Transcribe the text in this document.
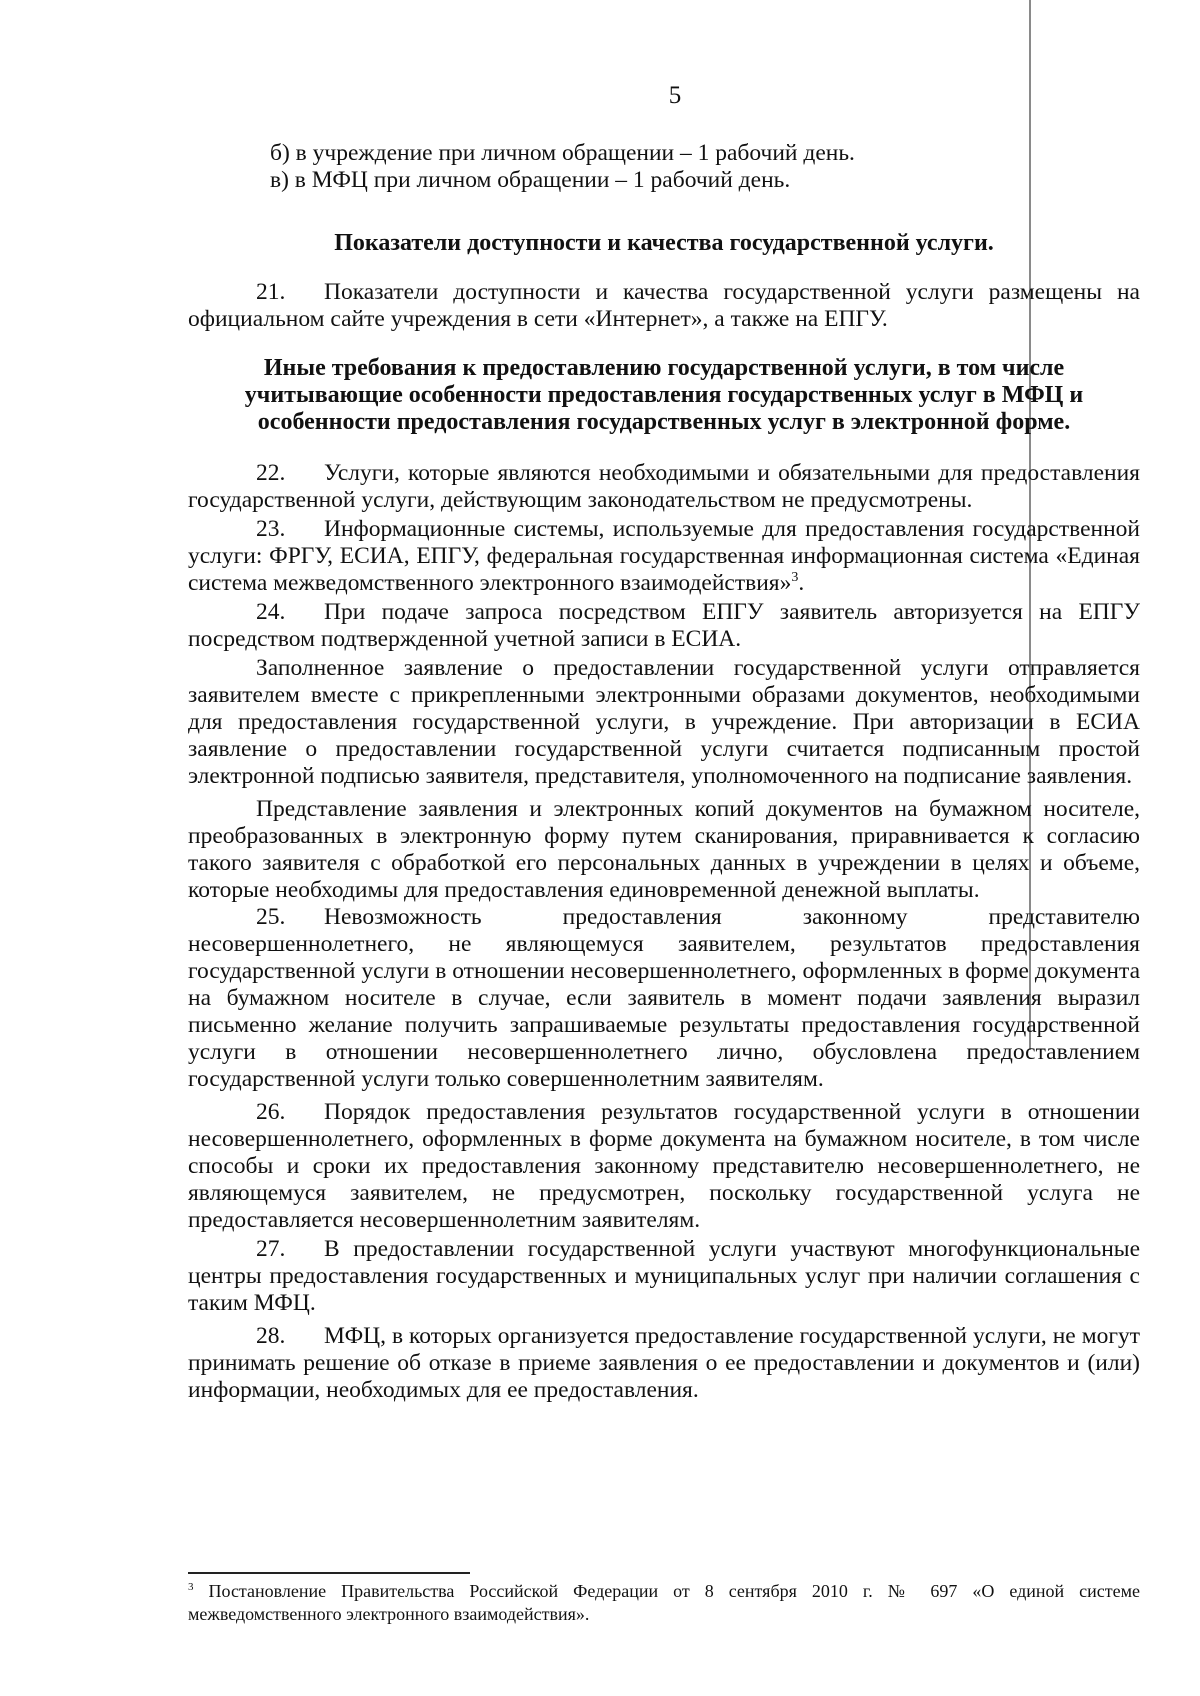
5

б) в учреждение при личном обращении – 1 рабочий день.

в) в МФЦ при личном обращении – 1 рабочий день.

Показатели доступности и качества государственной услуги.

21. Показатели доступности и качества государственной услуги размещены на официальном сайте учреждения в сети «Интернет», а также на ЕПГУ.

Иные требования к предоставлению государственной услуги, в том числе учитывающие особенности предоставления государственных услуг в МФЦ и особенности предоставления государственных услуг в электронной форме.

22. Услуги, которые являются необходимыми и обязательными для предоставления государственной услуги, действующим законодательством не предусмотрены.

23. Информационные системы, используемые для предоставления государственной услуги: ФРГУ, ЕСИА, ЕПГУ, федеральная государственная информационная система «Единая система межведомственного электронного взаимодействия»$^3$.

24. При подаче запроса посредством ЕПГУ заявитель авторизуется на ЕПГУ посредством подтвержденной учетной записи в ЕСИА.

Заполненное заявление о предоставлении государственной услуги отправляется заявителем вместе с прикрепленными электронными образами документов, необходимыми для предоставления государственной услуги, в учреждение. При авторизации в ЕСИА заявление о предоставлении государственной услуги считается подписанным простой электронной подписью заявителя, представителя, уполномоченного на подписание заявления.

Представление заявления и электронных копий документов на бумажном носителе, преобразованных в электронную форму путем сканирования, приравнивается к согласию такого заявителя с обработкой его персональных данных в учреждении в целях и объеме, которые необходимы для предоставления единовременной денежной выплаты.

25. Невозможность предоставления законному представителю несовершеннолетнего, не являющемуся заявителем, результатов предоставления государственной услуги в отношении несовершеннолетнего, оформленных в форме документа на бумажном носителе в случае, если заявитель в момент подачи заявления выразил письменно желание получить запрашиваемые результаты предоставления государственной услуги в отношении несовершеннолетнего лично, обусловлена предоставлением государственной услуги только совершеннолетним заявителям.

26. Порядок предоставления результатов государственной услуги в отношении несовершеннолетнего, оформленных в форме документа на бумажном носителе, в том числе способы и сроки их предоставления законному представителю несовершеннолетнего, не являющемуся заявителем, не предусмотрен, поскольку государственной услуга не предоставляется несовершеннолетним заявителям.

27. В предоставлении государственной услуги участвуют многофункциональные центры предоставления государственных и муниципальных услуг при наличии соглашения с таким МФЦ.

28. МФЦ, в которых организуется предоставление государственной услуги, не могут принимать решение об отказе в приеме заявления о ее предоставлении и документов и (или) информации, необходимых для ее предоставления.

$^3$ Постановление Правительства Российской Федерации от 8 сентября 2010 г. № 697 «О единой системе межведомственного электронного взаимодействия».
